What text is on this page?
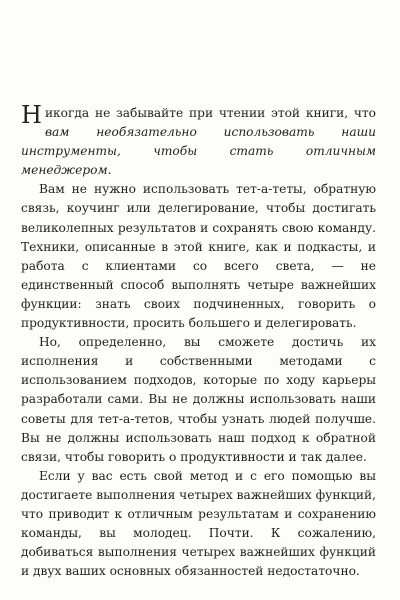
Никогда не забывайте при чтении этой книги, что вам необязательно использовать наши инструменты, чтобы стать отличным менеджером.

Вам не нужно использовать тет-а-теты, обратную связь, коучинг или делегирование, чтобы достигать великолепных результатов и сохранять свою команду. Техники, описанные в этой книге, как и подкасты, и работа с клиентами со всего света, — не единственный способ выполнять четыре важнейших функции: знать своих подчиненных, говорить о продуктивности, просить большего и делегировать.

Но, определенно, вы сможете достичь их исполнения и собственными методами с использованием подходов, которые по ходу карьеры разработали сами. Вы не должны использовать наши советы для тет-а-тетов, чтобы узнать людей получше. Вы не должны использовать наш подход к обратной связи, чтобы говорить о продуктивности и так далее.

Если у вас есть свой метод и с его помощью вы достигаете выполнения четырех важнейших функций, что приводит к отличным результатам и сохранению команды, вы молодец. Почти. К сожалению, добиваться выполнения четырех важнейших функций и двух ваших основных обязанностей недостаточно.
